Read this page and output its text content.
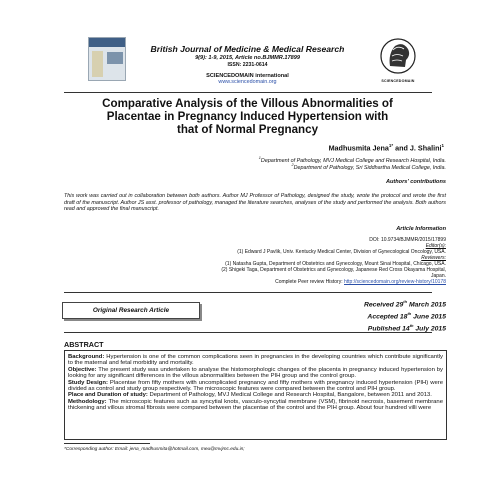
British Journal of Medicine & Medical Research
9(9): 1-9, 2015, Article no.BJMMR.17899
ISSN: 2231-0614
SCIENCEDOMAIN international
www.sciencedomain.org	SCIENCEDOMAIN
Comparative Analysis of the Villous Abnormalities of
Placentae in Pregnancy Induced Hypertension with
that of Normal Pregnancy
Madhusmita Jena$^{1*}$ and J. Shalini$^1$
$^1$Department of Pathology, MVJ Medical College and Research Hospital, India.
$^2$Department of Pathology, Sri Siddhartha Medical College, India.
Authors' contributions
This work was carried out in collaboration between both authors. Author MJ Professor of Pathology, designed the study, wrote the protocol and wrote the first draft of the manuscript. Author JS asst. professor of pathology, managed the literature searches, analyses of the study and performed the analysis. Both authors read and approved the final manuscript.
Article Information
DOI: 10.9734/BJMMR/2015/17899
Editor(s):
(1) Edward J Pavlik, Univ. Kentucky Medical Center, Division of Gynecological Oncology, USA.
Reviewers:
(1) Natasha Gupta, Department of Obstetrics and Gynecology, Mount Sinai Hospital, Chicago, USA.
(2) Shigeki Taga, Department of Obstetrics and Gynecology, Japanese Red Cross Okayama Hospital,
Japan.
Complete Peer review History: http://sciencedomain.org/review-history/10178
Original Research Article
Received 29th March 2015
Accepted 18th June 2015
Published 14th July 2015
ABSTRACT

Background: Hypertension is one of the common complications seen in pregnancies in the developing countries which contribute significantly to the maternal and fetal morbidity and mortality.

Objective: The present study was undertaken to analyse the histomorphologic changes of the placenta in pregnancy induced hypertension by looking for any significant differences in the villous abnormalities between the PIH group and the control group.

Study Design: Placentae from fifty mothers with uncomplicated pregnancy and fifty mothers with pregnancy induced hypertension (PIH) were divided as control and study group respectively. The microscopic features were compared between the control and PIH group.

Place and Duration of study: Department of Pathology, MVJ Medical College and Research Hospital, Bangalore, between 2011 and 2013.

Methodology: The microscopic features such as syncytial knots, vasculo-syncytial membrane (VSM), fibrinoid necrosis, basement membrane thickening and villous stromal fibrosis were compared between the placentae of the control and the PIH group. About four hundred villi were

*Corresponding author: Email: jena_madhusmita@hotmail.com, meu@mvjmc.edu.in;
